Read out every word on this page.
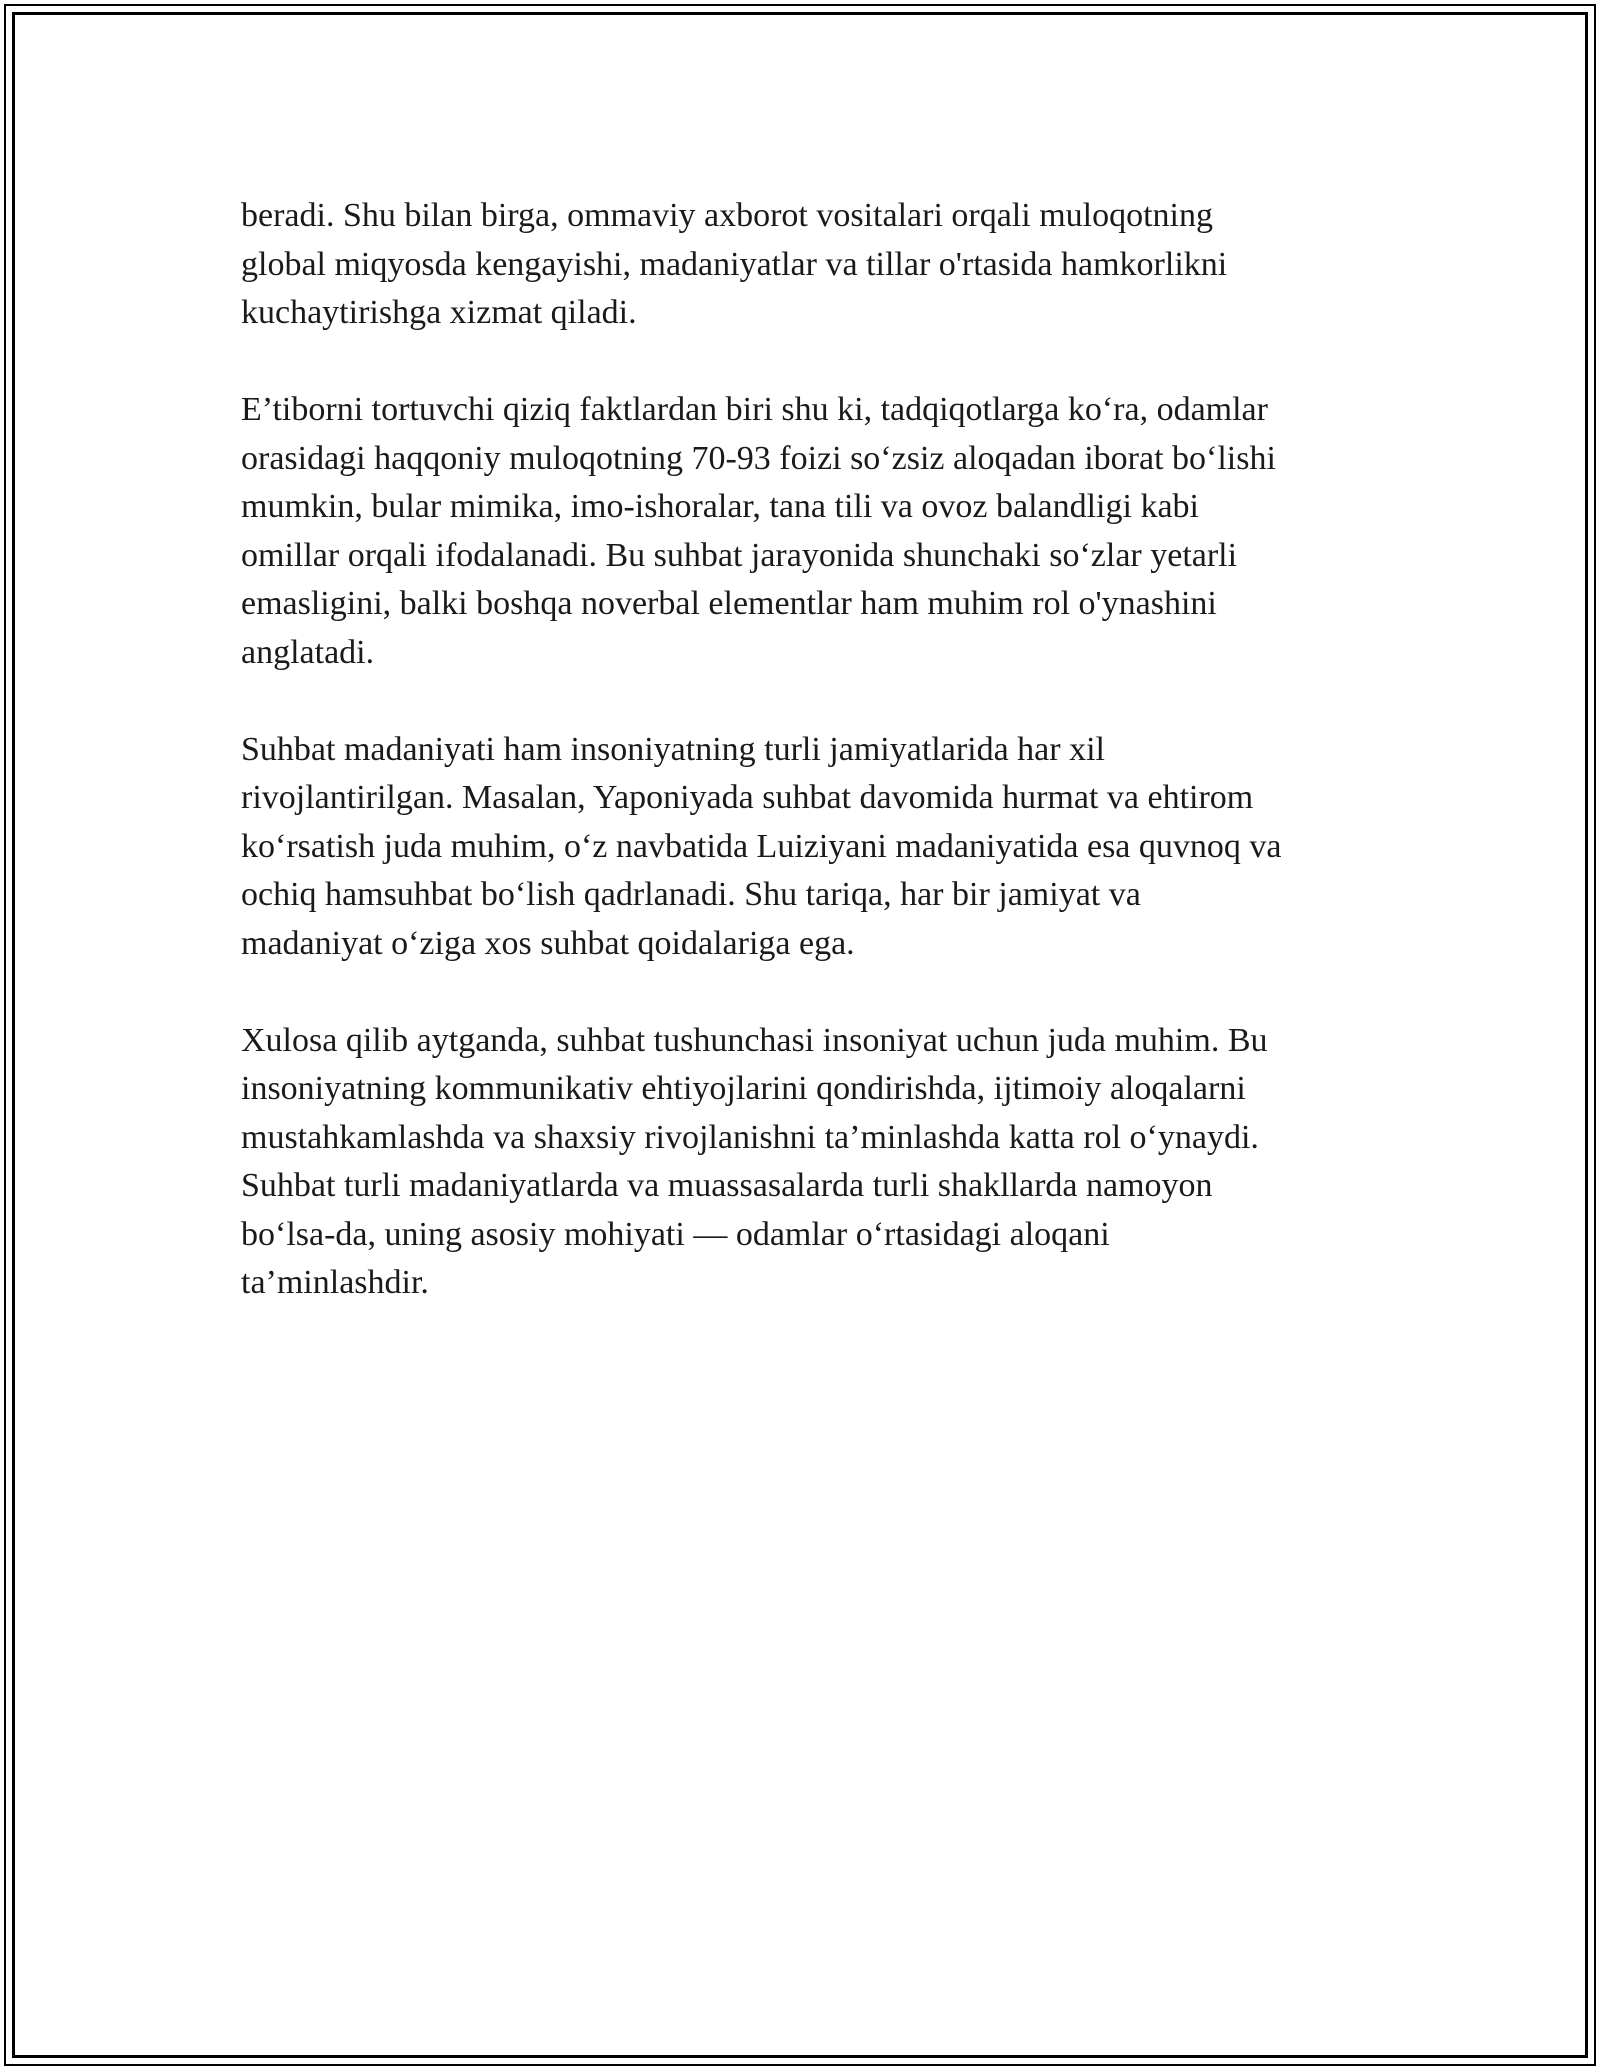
beradi. Shu bilan birga, ommaviy axborot vositalari orqali muloqotning
global miqyosda kengayishi, madaniyatlar va tillar o'rtasida hamkorlikni
kuchaytirishga xizmat qiladi.

E’tiborni tortuvchi qiziq faktlardan biri shu ki, tadqiqotlarga koʻra, odamlar
orasidagi haqqoniy muloqotning 70-93 foizi soʻzsiz aloqadan iborat boʻlishi
mumkin, bular mimika, imo-ishoralar, tana tili va ovoz balandligi kabi
omillar orqali ifodalanadi. Bu suhbat jarayonida shunchaki soʻzlar yetarli
emasligini, balki boshqa noverbal elementlar ham muhim rol o'ynashini
anglatadi.

Suhbat madaniyati ham insoniyatning turli jamiyatlarida har xil
rivojlantirilgan. Masalan, Yaponiyada suhbat davomida hurmat va ehtirom
koʻrsatish juda muhim, oʻz navbatida Luiziyani madaniyatida esa quvnoq va
ochiq hamsuhbat boʻlish qadrlanadi. Shu tariqa, har bir jamiyat va
madaniyat oʻziga xos suhbat qoidalariga ega.

Xulosa qilib aytganda, suhbat tushunchasi insoniyat uchun juda muhim. Bu
insoniyatning kommunikativ ehtiyojlarini qondirishda, ijtimoiy aloqalarni
mustahkamlashda va shaxsiy rivojlanishni ta’minlashda katta rol oʻynaydi.
Suhbat turli madaniyatlarda va muassasalarda turli shakllarda namoyon
boʻlsa-da, uning asosiy mohiyati — odamlar oʻrtasidagi aloqani
ta’minlashdir.
